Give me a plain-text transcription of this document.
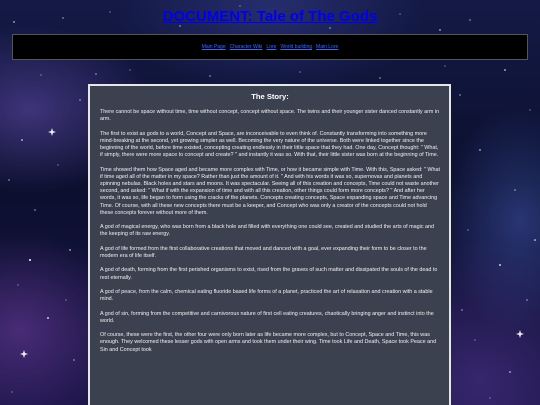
DOCUMENT: Tale of The Gods
Main Page Character Wiki Lore World building Main Lore
The Story:

There cannot be space without time, time without concept, concept without space. The twins and their younger sister danced constantly arm in arm.

The first to exist as gods to a world, Concept and Space, are inconceivable to even think of. Constantly transforming into something more mind-breaking at the second, yet growing simpler as well. Becoming the very nature of the universe. Both were linked together since the beginning of the world, before time existed, concepting creating endlessly in their little space that they had. One day, Concept thought: " What, if simply, there were more space to concept and create? " and instantly it was so. With that, their little sister was born at the beginning of Time.

Time showed them how Space aged and became more complex with Time, or how it became simple with Time. With this, Space asked: " What if time aged all of the matter in my space? Rather than just the amount of it. " And with his words it was so, supernovas and planets and spinning nebulas. Black holes and stars and moons. It was spectacular. Seeing all of this creation and concepts, Time could not waste another second, and asked: " What if with the expansion of time and with all this creation, other things could form more concepts? " And after her words, it was so, life began to form using the cracks of the planets. Concepts creating concepts, Space expanding space and Time advancing Time. Of course, with all these new concepts there must be a keeper, and Concept who was only a creator of the concepts could not hold these concepts forever without more of them.

A god of magical energy, who was born from a black hole and filled with everything one could see, created and studied the arts of magic and the keeping of its raw energy.

A god of life formed from the first collaborative creations that moved and danced with a goal, ever expanding their form to be closer to the modern era of life itself.

A god of death, forming from the first perished organisms to exist, rised from the graves of such matter and dissipated the souls of the dead to rest eternally.

A god of peace, from the calm, chemical eating fluoride based life forms of a planet, practiced the art of relaxation and creation with a stable mind.

A god of sin, forming from the competitive and carnivorous nature of first cell eating creatures, chaotically bringing anger and instinct into the world.

Of course, these were the first, the other four were only born later as life became more complex, but to Concept, Space and Time, this was enough. They welcomed these lesser gods with open arms and took them under their wing. Time took Life and Death, Space took Peace and Sin and Concept took
